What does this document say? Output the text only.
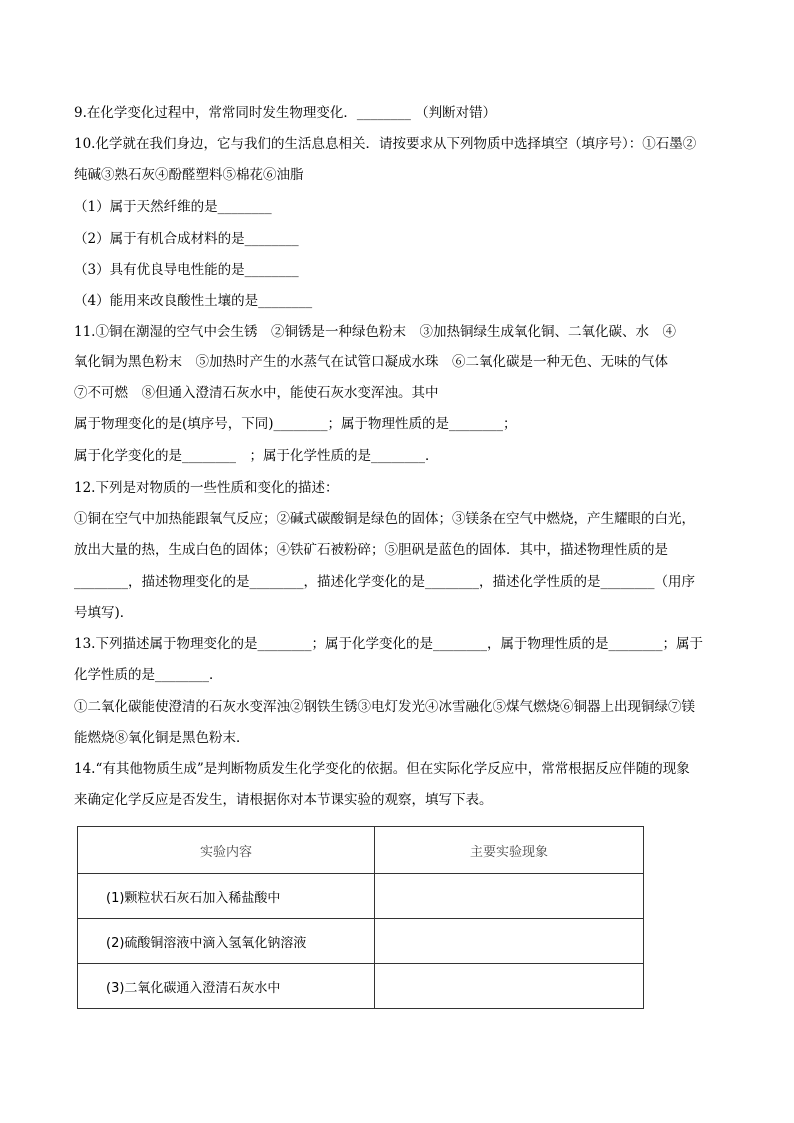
9.在化学变化过程中，常常同时发生物理变化．________ （判断对错）
10.化学就在我们身边，它与我们的生活息息相关．请按要求从下列物质中选择填空（填序号）：①石墨②
纯碱③熟石灰④酚醛塑料⑤棉花⑥油脂
（1）属于天然纤维的是________
（2）属于有机合成材料的是________
（3）具有优良导电性能的是________
（4）能用来改良酸性土壤的是________
11.①铜在潮湿的空气中会生锈　②铜锈是一种绿色粉末　③加热铜绿生成氧化铜、二氧化碳、水　④
氧化铜为黑色粉末　⑤加热时产生的水蒸气在试管口凝成水珠　⑥二氧化碳是一种无色、无味的气体
⑦不可燃　⑧但通入澄清石灰水中，能使石灰水变浑浊。其中
属于物理变化的是(填序号，下同)________；属于物理性质的是________；
属于化学变化的是________　；属于化学性质的是________．
12.下列是对物质的一些性质和变化的描述：
①铜在空气中加热能跟氧气反应；②碱式碳酸铜是绿色的固体；③镁条在空气中燃烧，产生耀眼的白光，
放出大量的热，生成白色的固体；④铁矿石被粉碎；⑤胆矾是蓝色的固体．其中，描述物理性质的是
________，描述物理变化的是________，描述化学变化的是________，描述化学性质的是________（用序
号填写)．
13.下列描述属于物理变化的是________；属于化学变化的是________，属于物理性质的是________；属于
化学性质的是________．
①二氧化碳能使澄清的石灰水变浑浊②钢铁生锈③电灯发光④冰雪融化⑤煤气燃烧⑥铜器上出现铜绿⑦镁
能燃烧⑧氧化铜是黑色粉末．
14.“有其他物质生成”是判断物质发生化学变化的依据。但在实际化学反应中，常常根据反应伴随的现象
来确定化学反应是否发生，请根据你对本节课实验的观察，填写下表。
实验内容	主要实验现象
(1)颗粒状石灰石加入稀盐酸中	
(2)硫酸铜溶液中滴入氢氧化钠溶液	
(3)二氧化碳通入澄清石灰水中	
